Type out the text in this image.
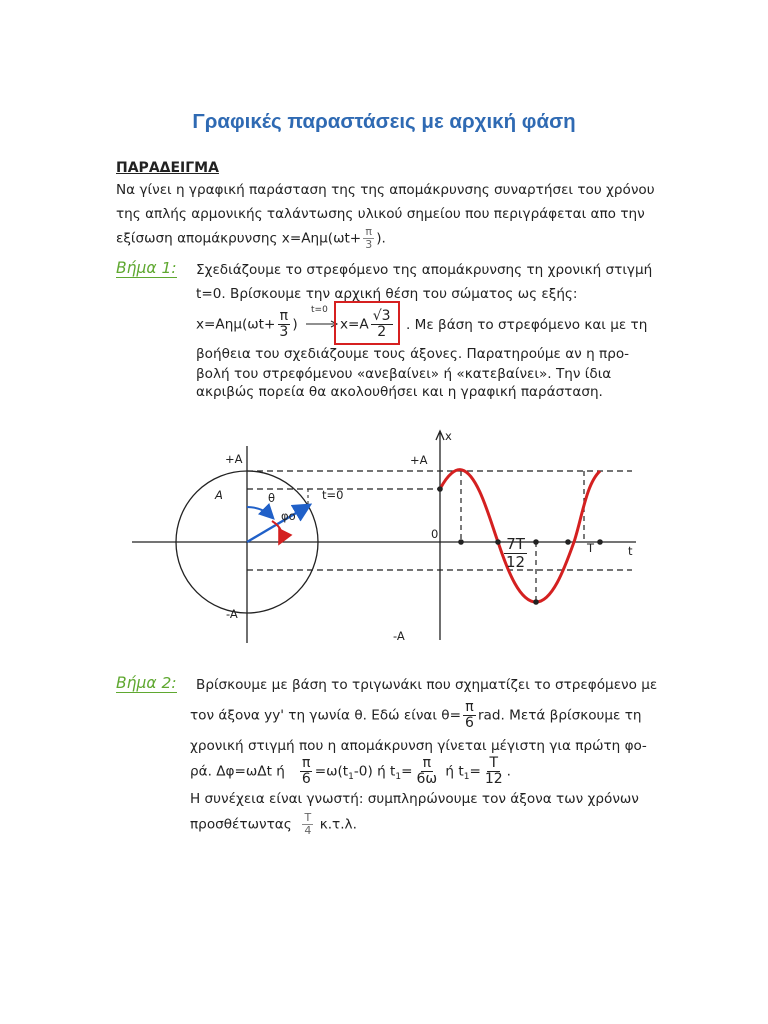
Γραφικές παραστάσεις με αρχική φάση
ΠΑΡΑΔΕΙΓΜΑ
Να γίνει η γραφική παράσταση της της απομάκρυνσης συναρτήσει του χρόνου
της απλής αρμονικής ταλάντωσης υλικού σημείου που περιγράφεται απο την
εξίσωση απομάκρυνσης $x=A\eta\mu(\omega t+ \frac{\pi}{3}$ ).
Βήμα 1: Σχεδιάζουμε το στρεφόμενο της απομάκρυνσης τη χρονική στιγμή
t=0. Βρίσκουμε την αρχική θέση του σώματος ως εξής:
$x=A\eta\mu(\omega t+ \frac{\pi}{3}$ )
t=0
$x=A \frac{√3}{2}$ . Με βάση το στρεφόμενο και με τη
βοήθεια του σχεδιάζουμε τους άξονες. Παρατηρούμε αν η προ-
βολή του στρεφόμενου «ανεβαίνει» ή «κατεβαίνει». Την ίδια
ακριβώς πορεία θα ακολουθήσει και η γραφική παράσταση.
+A
A	θ
φο
t=0
-A
+A
x
0
t
T
-A
$\frac{7T}{12}$
Βήμα 2: Βρίσκουμε με βάση το τριγωνάκι που σχηματίζει το στρεφόμενο με
τον άξονα yy' τη γωνία θ. Εδώ είναι $\theta= \frac{\pi}{6}$ rad. Μετά βρίσκουμε τη
χρονική στιγμή που η απομάκρυνση γίνεται μέγιστη για πρώτη φο-
ρά. Δφ=ωΔt ή $\frac{\pi}{6} =\omega(t_1-0)$ ή $t_1= \frac{\pi}{6\omega}$ ή $t_1= \frac{T}{12}$ .
Η συνέχεια είναι γνωστή: συμπληρώνουμε τον άξονα των χρόνων
προσθέτωντας $\frac{T}{4} \kappa.\tau.\lambda$.
